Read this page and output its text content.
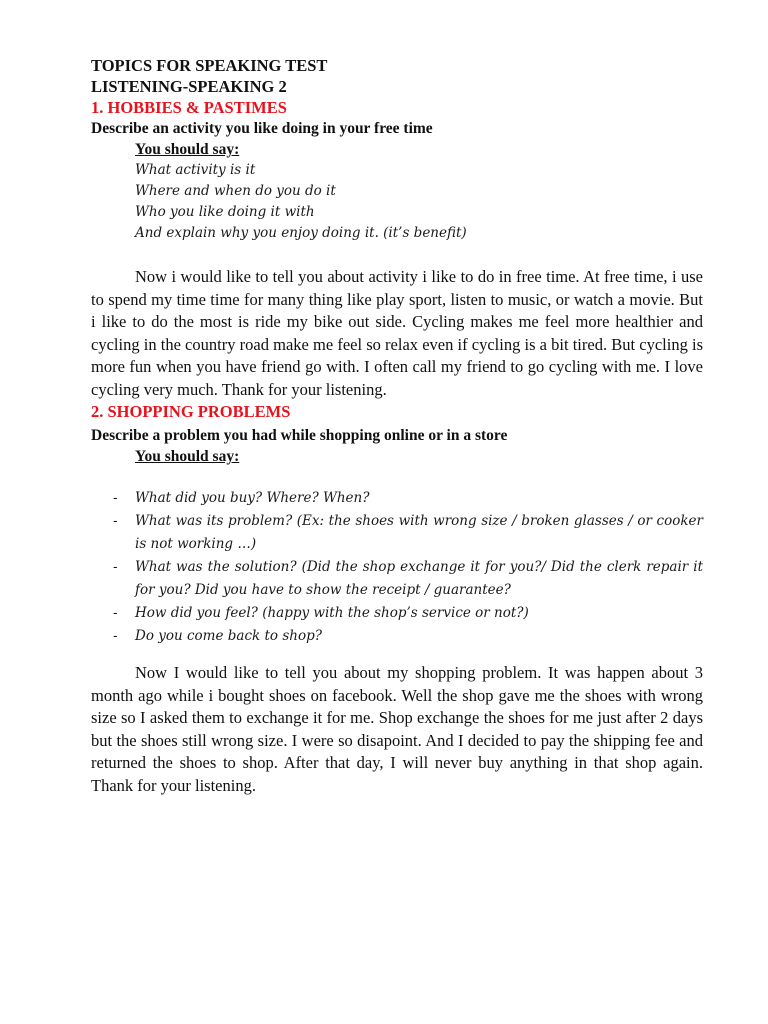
TOPICS FOR SPEAKING TEST
LISTENING-SPEAKING 2
1. HOBBIES & PASTIMES
Describe an activity you like doing in your free time
You should say:
What activity is it
Where and when do you do it
Who you like doing it with
And explain why you enjoy doing it. (it’s benefit)

Now i would like to tell you about activity i like to do in free time. At free time, i use to spend my time time for many thing like play sport, listen to music, or watch a movie. But i like to do the most is ride my bike out side. Cycling makes me feel more healthier and cycling in the country road make me feel so relax even if cycling is a bit tired. But cycling is more fun when you have friend go with. I often call my friend to go cycling with me. I love cycling very much. Thank for your listening.

2. SHOPPING PROBLEMS
Describe a problem you had while shopping online or in a store
You should say:
- What did you buy? Where? When?
- What was its problem? (Ex: the shoes with wrong size / broken glasses / or cooker is not working …)
- What was the solution? (Did the shop exchange it for you?/ Did the clerk repair it for you? Did you have to show the receipt / guarantee?
- How did you feel? (happy with the shop’s service or not?)
- Do you come back to shop?

Now I would like to tell you about my shopping problem. It was happen about 3 month ago while i bought shoes on facebook. Well the shop gave me the shoes with wrong size so I asked them to exchange it for me. Shop exchange the shoes for me just after 2 days but the shoes still wrong size. I were so disapoint. And I decided to pay the shipping fee and returned the shoes to shop. After that day, I will never buy anything in that shop again. Thank for your listening.
